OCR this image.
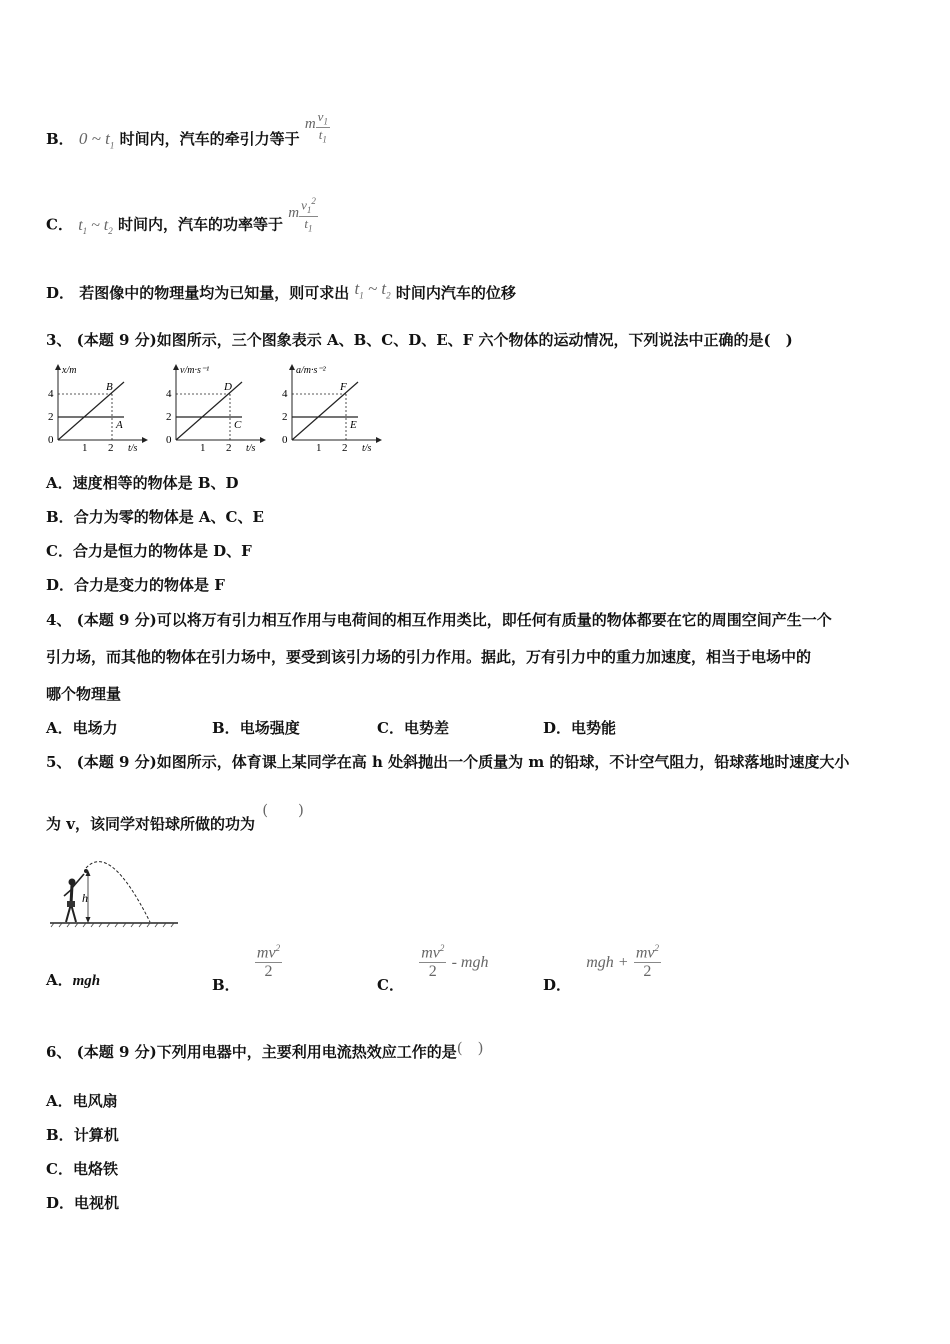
B． 0 ~ $t_1$ 时间内，汽车的牵引力等于
m $\frac{v_1}{t_1}$
C． $t_1$ ~ $t_2$ 时间内，汽车的功率等于
m $\frac{v_1^2}{t_1}$
D． 若图像中的物理量均为已知量，则可求出 $t_1$ ~ $t_2$ 时间内汽车的位移
3、 (本题 9 分)如图所示，三个图象表示 A、B、C、D、E、F 六个物体的运动情况，下列说法中正确的是(　)
4
2
0
1 2
x/m
t/s
B
A
4
2
0
1 2
v/m·s⁻¹
t/s
D
C
4
2
0
1 2
a/m·s⁻²
t/s
F
E
A．速度相等的物体是 B、D
B．合力为零的物体是 A、C、E
C．合力是恒力的物体是 D、F
D．合力是变力的物体是 F
4、 (本题 9 分)可以将万有引力相互作用与电荷间的相互作用类比，即任何有质量的物体都要在它的周围空间产生一个
引力场，而其他的物体在引力场中，要受到该引力场的引力作用。据此，万有引力中的重力加速度，相当于电场中的
哪个物理量
A．电场力	B．电场强度	C．电势差	D．电势能
5、 (本题 9 分)如图所示，体育课上某同学在高 h 处斜抛出一个质量为 m 的铅球，不计空气阻力，铅球落地时速度大小
为 v，该同学对铅球所做的功为 (　　)
h
A．mgh	B．
$\frac{mv^2}{2}$
C．
$\frac{mv^2}{2}$ - mgh
D． mgh + $\frac{mv^2}{2}$
6、 (本题 9 分)下列用电器中，主要利用电流热效应工作的是(　)
A．电风扇
B．计算机
C．电烙铁
D．电视机
